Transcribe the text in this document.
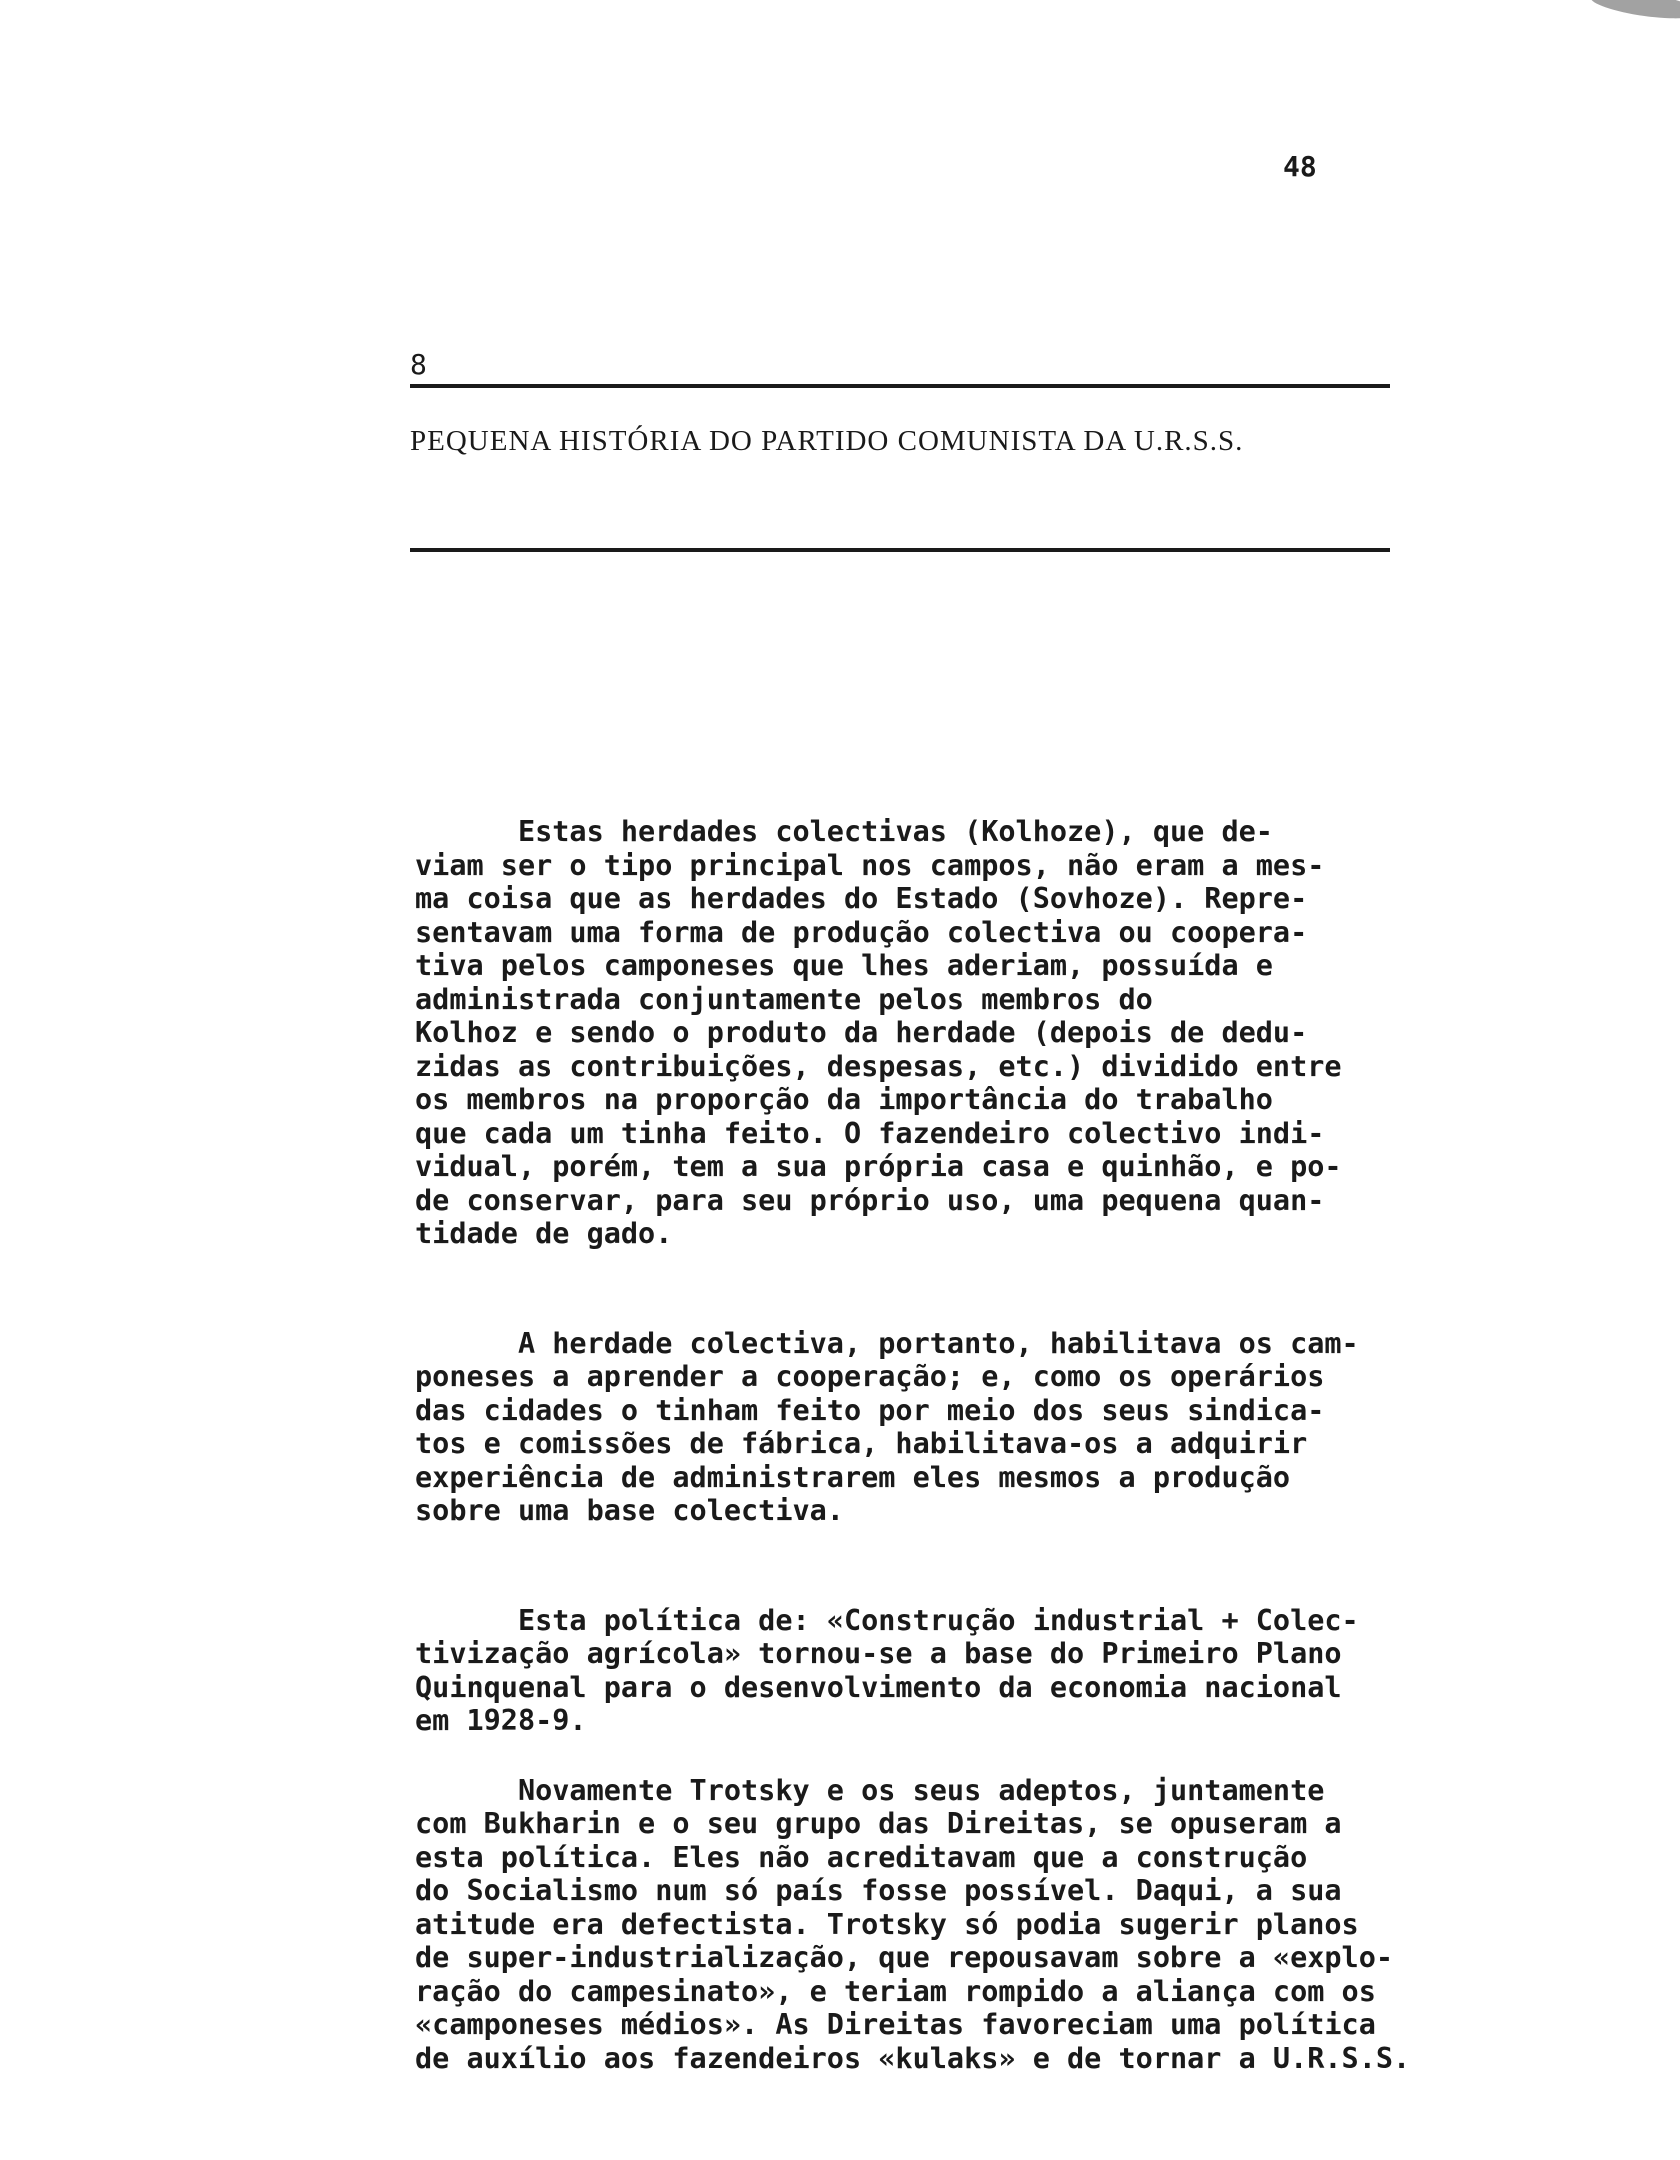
48
8
PEQUENA HISTÓRIA DO PARTIDO COMUNISTA DA U.R.S.S.

Estas herdades colectivas (Kolhoze), que de-
viam ser o tipo principal nos campos, não eram a mes-
ma coisa que as herdades do Estado (Sovhoze). Repre-
sentavam uma forma de produção colectiva ou coopera-
tiva pelos camponeses que lhes aderiam, possuída e
administrada conjuntamente pelos membros do
Kolhoz e sendo o produto da herdade (depois de dedu-
zidas as contribuições, despesas, etc.) dividido entre
os membros na proporção da importância do trabalho
que cada um tinha feito. O fazendeiro colectivo indi-
vidual, porém, tem a sua própria casa e quinhão, e po-
de conservar, para seu próprio uso, uma pequena quan-
tidade de gado.

A herdade colectiva, portanto, habilitava os cam-
poneses a aprender a cooperação; e, como os operários
das cidades o tinham feito por meio dos seus sindica-
tos e comissões de fábrica, habilitava-os a adquirir
experiência de administrarem eles mesmos a produção
sobre uma base colectiva.

Esta política de: «Construção industrial + Colec-
tivização agrícola» tornou-se a base do Primeiro Plano
Quinquenal para o desenvolvimento da economia nacional
em 1928-9.

Novamente Trotsky e os seus adeptos, juntamente
com Bukharin e o seu grupo das Direitas, se opuseram a
esta política. Eles não acreditavam que a construção
do Socialismo num só país fosse possível. Daqui, a sua
atitude era defectista. Trotsky só podia sugerir planos
de super-industrialização, que repousavam sobre a «explo-
ração do campesinato», e teriam rompido a aliança com os
«camponeses médios». As Direitas favoreciam uma política
de auxílio aos fazendeiros «kulaks» e de tornar a U.R.S.S.
